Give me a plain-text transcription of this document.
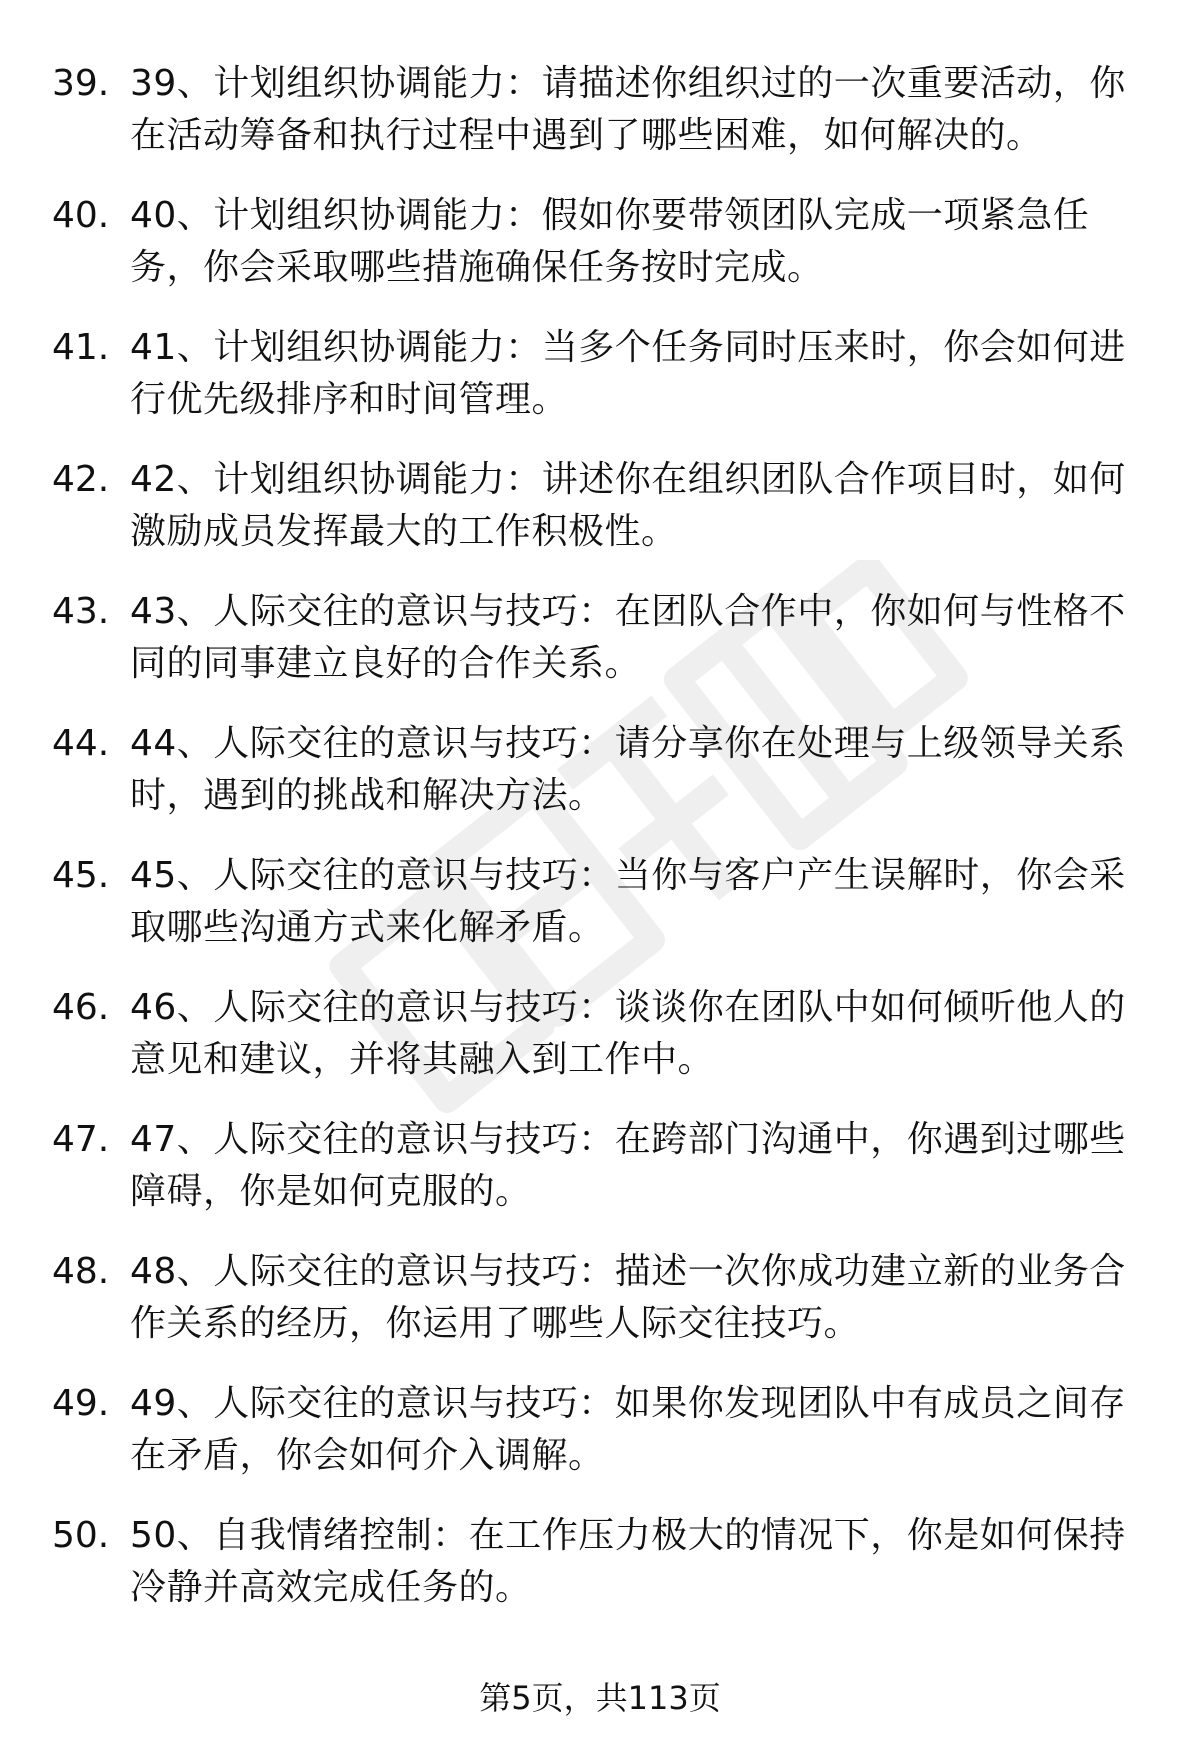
39. 39、计划组织协调能力：请描述你组织过的一次重要活动，你在活动筹备和执行过程中遇到了哪些困难，如何解决的。
40. 40、计划组织协调能力：假如你要带领团队完成一项紧急任务，你会采取哪些措施确保任务按时完成。
41. 41、计划组织协调能力：当多个任务同时压来时，你会如何进行优先级排序和时间管理。
42. 42、计划组织协调能力：讲述你在组织团队合作项目时，如何激励成员发挥最大的工作积极性。
43. 43、人际交往的意识与技巧：在团队合作中，你如何与性格不同的同事建立良好的合作关系。
44. 44、人际交往的意识与技巧：请分享你在处理与上级领导关系时，遇到的挑战和解决方法。
45. 45、人际交往的意识与技巧：当你与客户产生误解时，你会采取哪些沟通方式来化解矛盾。
46. 46、人际交往的意识与技巧：谈谈你在团队中如何倾听他人的意见和建议，并将其融入到工作中。
47. 47、人际交往的意识与技巧：在跨部门沟通中，你遇到过哪些障碍，你是如何克服的。
48. 48、人际交往的意识与技巧：描述一次你成功建立新的业务合作关系的经历，你运用了哪些人际交往技巧。
49. 49、人际交往的意识与技巧：如果你发现团队中有成员之间存在矛盾，你会如何介入调解。
50. 50、自我情绪控制：在工作压力极大的情况下，你是如何保持冷静并高效完成任务的。
第5页，共113页
